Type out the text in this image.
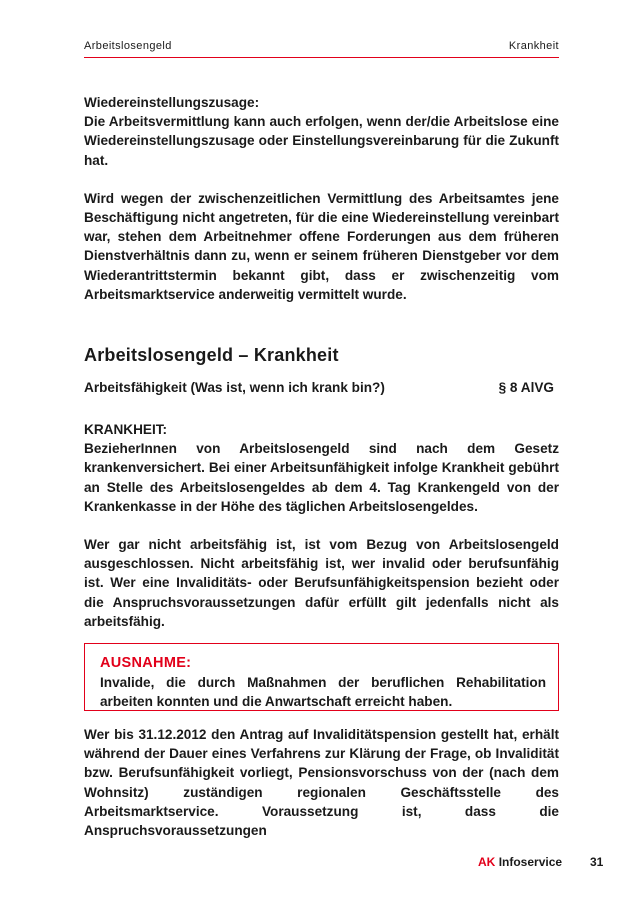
Arbeitslosengeld	Krankheit

Wiedereinstellungszusage:

Die Arbeitsvermittlung kann auch erfolgen, wenn der/die Arbeitslose eine Wiedereinstellungszusage oder Einstellungsvereinbarung für die Zukunft hat.

Wird wegen der zwischenzeitlichen Vermittlung des Arbeitsamtes jene Beschäftigung nicht angetreten, für die eine Wiedereinstellung vereinbart war, stehen dem Arbeitnehmer offene Forderungen aus dem früheren Dienstverhältnis dann zu, wenn er seinem früheren Dienstgeber vor dem Wiederantrittstermin bekannt gibt, dass er zwischenzeitig vom Arbeitsmarktservice anderweitig vermittelt wurde.

Arbeitslosengeld – Krankheit
Arbeitsfähigkeit (Was ist, wenn ich krank bin?)	§ 8 AlVG

KRANKHEIT:

BezieherInnen von Arbeitslosengeld sind nach dem Gesetz krankenversichert. Bei einer Arbeitsunfähigkeit infolge Krankheit gebührt an Stelle des Arbeitslosengeldes ab dem 4. Tag Krankengeld von der Krankenkasse in der Höhe des täglichen Arbeitslosengeldes.

Wer gar nicht arbeitsfähig ist, ist vom Bezug von Arbeitslosengeld ausgeschlossen. Nicht arbeitsfähig ist, wer invalid oder berufsunfähig ist. Wer eine Invaliditäts- oder Berufsunfähigkeitspension bezieht oder die Anspruchsvoraussetzungen dafür erfüllt gilt jedenfalls nicht als arbeitsfähig.

AUSNAHME:
Invalide, die durch Maßnahmen der beruflichen Rehabilitation arbeiten konnten und die Anwartschaft erreicht haben.

Wer bis 31.12.2012 den Antrag auf Invaliditätspension gestellt hat, erhält während der Dauer eines Verfahrens zur Klärung der Frage, ob Invalidität bzw. Berufsunfähigkeit vorliegt, Pensionsvorschuss von der (nach dem Wohnsitz) zuständigen regionalen Geschäftsstelle des Arbeitsmarktservice. Voraussetzung ist, dass die Anspruchsvoraussetzungen

AK Infoservice 31
